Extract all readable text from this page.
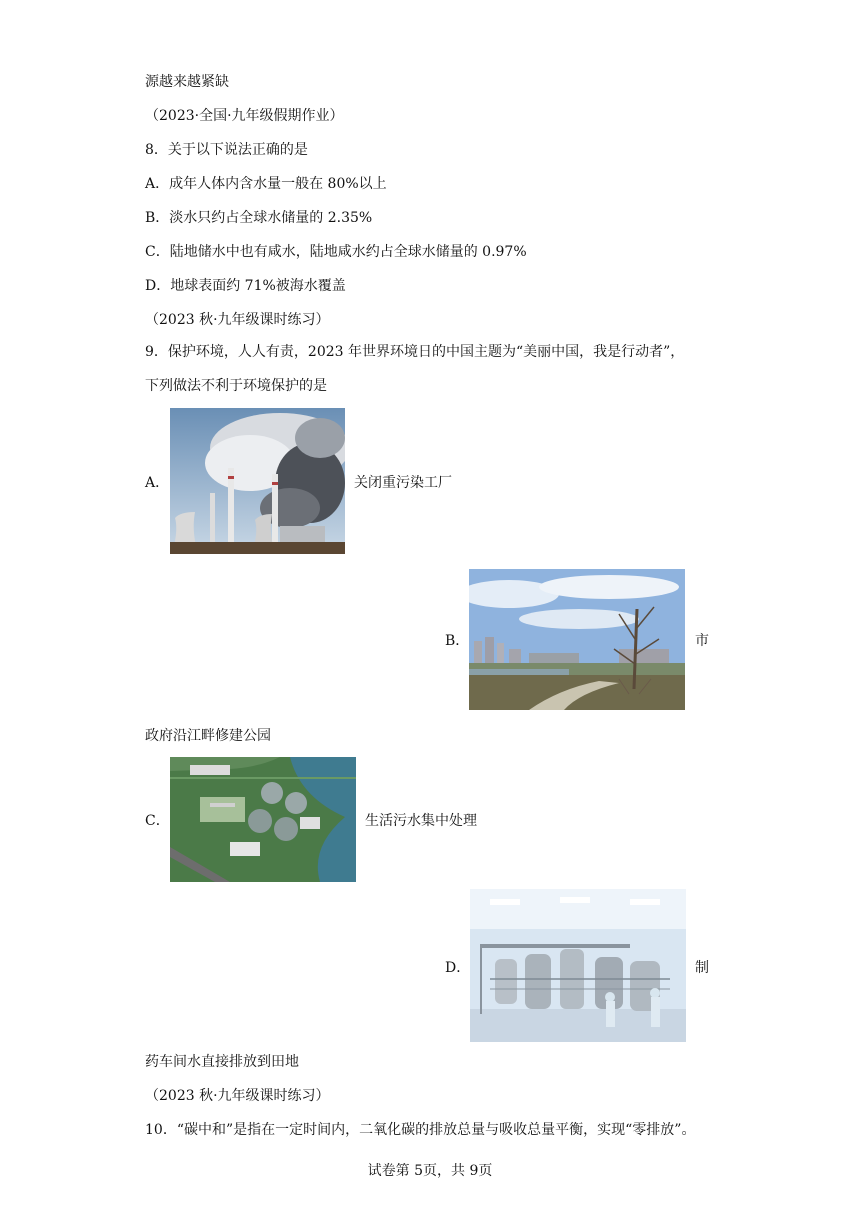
源越来越紧缺
（2023·全国·九年级假期作业）
8．关于以下说法正确的是
A．成年人体内含水量一般在 80%以上
B．淡水只约占全球水储量的 2.35%
C．陆地储水中也有咸水，陆地咸水约占全球水储量的 0.97%
D．地球表面约 71%被海水覆盖
（2023 秋·九年级课时练习）
9．保护环境，人人有责，2023 年世界环境日的中国主题为“美丽中国，我是行动者”，
下列做法不利于环境保护的是
A．	关闭重污染工厂
B．	市
政府沿江畔修建公园
C．	生活污水集中处理
D．	制
药车间水直接排放到田地
（2023 秋·九年级课时练习）
10．“碳中和”是指在一定时间内，二氧化碳的排放总量与吸收总量平衡，实现“零排放”。
试卷第 5页，共 9页
